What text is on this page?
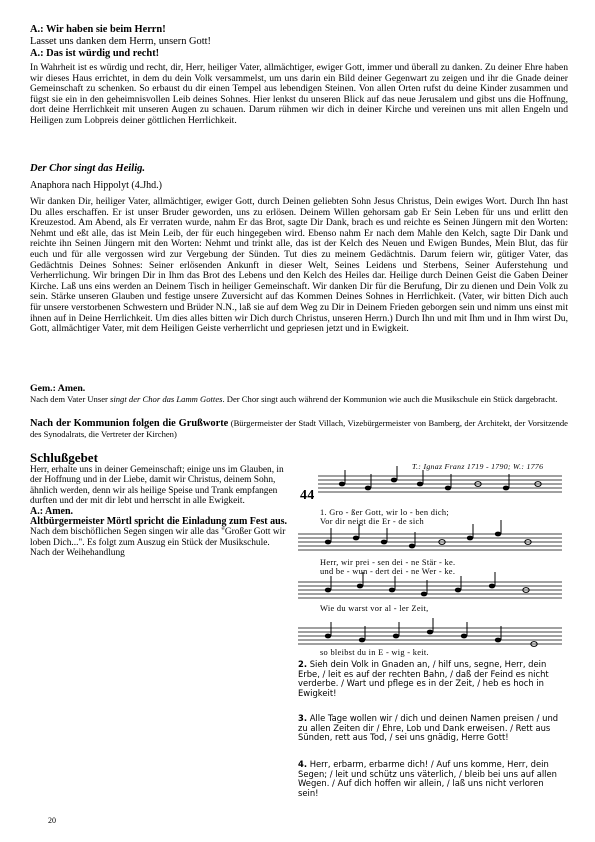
A.: Wir haben sie beim Herrn!
Lasset uns danken dem Herrn, unsern Gott!
A.: Das ist würdig und recht!
In Wahrheit ist es würdig und recht, dir, Herr, heiliger Vater, allmächtiger, ewiger Gott, immer und überall zu danken. Zu deiner Ehre haben wir dieses Haus errichtet, in dem du dein Volk versammelst, um uns darin ein Bild deiner Gegenwart zu zeigen und ihr die Gnade deiner Gemeinschaft zu schenken. So erbaust du dir einen Tempel aus lebendigen Steinen. Von allen Orten rufst du deine Kinder zusammen und fügst sie ein in den geheimnisvollen Leib deines Sohnes. Hier lenkst du unseren Blick auf das neue Jerusalem und gibst uns die Hoffnung, dort deine Herrlichkeit mit unseren Augen zu schauen. Darum rühmen wir dich in deiner Kirche und vereinen uns mit allen Engeln und Heiligen zum Lobpreis deiner göttlichen Herrlichkeit.
Der Chor singt das Heilig.
Anaphora nach Hippolyt (4.Jhd.)
Wir danken Dir, heiliger Vater, allmächtiger, ewiger Gott, durch Deinen geliebten Sohn Jesus Christus, Dein ewiges Wort. Durch Ihn hast Du alles erschaffen. Er ist unser Bruder geworden, uns zu erlösen. Deinem Willen gehorsam gab Er Sein Leben für uns und erlitt den Kreuzestod. Am Abend, als Er verraten wurde, nahm Er das Brot, sagte Dir Dank, brach es und reichte es Seinen Jüngern mit den Worten: Nehmt und eßt alle, das ist Mein Leib, der für euch hingegeben wird. Ebenso nahm Er nach dem Mahle den Kelch, sagte Dir Dank und reichte ihn Seinen Jüngern mit den Worten: Nehmt und trinkt alle, das ist der Kelch des Neuen und Ewigen Bundes, Mein Blut, das für euch und für alle vergossen wird zur Vergebung der Sünden. Tut dies zu meinem Gedächtnis. Darum feiern wir, gütiger Vater, das Gedächtnis Deines Sohnes: Seiner erlösenden Ankunft in dieser Welt, Seines Leidens und Sterbens, Seiner Auferstehung und Verherrlichung. Wir bringen Dir in Ihm das Brot des Lebens und den Kelch des Heiles dar. Heilige durch Deinen Geist die Gaben Deiner Kirche. Laß uns eins werden an Deinem Tisch in heiliger Gemeinschaft. Wir danken Dir für die Berufung, Dir zu dienen und Dein Volk zu sein. Stärke unseren Glauben und festige unsere Zuversicht auf das Kommen Deines Sohnes in Herrlichkeit. (Vater, wir bitten Dich auch für unsere verstorbenen Schwestern und Brüder N.N., laß sie auf dem Weg zu Dir in Deinem Frieden geborgen sein und nimm uns einst mit ihnen auf in Deine Herrlichkeit. Um dies alles bitten wir Dich durch Christus, unseren Herrn.) Durch Ihn und mit Ihm und in Ihm wirst Du, Gott, allmächtiger Vater, mit dem Heiligen Geiste verherrlicht und gepriesen jetzt und in Ewigkeit.
Gem.: Amen.
Nach dem Vater Unser singt der Chor das Lamm Gottes. Der Chor singt auch während der Kommunion wie auch die Musikschule ein Stück dargebracht.
Nach der Kommunion folgen die Grußworte (Bürgermeister der Stadt Villach, Vizebürgermeister von Bamberg, der Architekt, der Vorsitzende des Synodalrats, die Vertreter der Kirchen)
Schlußgebet
Herr, erhalte uns in deiner Gemeinschaft; einige uns im Glauben, in der Hoffnung und in der Liebe, damit wir Christus, deinem Sohn, ähnlich werden, denn wir als heilige Speise und Trank empfangen durften und der mit dir lebt und herrscht in alle Ewigkeit.
A.: Amen.
Altbürgermeister Mörtl spricht die Einladung zum Fest aus.
Nach dem bischöflichen Segen singen wir alle das "Großer Gott wir loben Dich...". Es folgt zum Auszug ein Stück der Musikschule. Nach der Weihehandlung
T.: Ignaz Franz 1719 - 1790; W.: 1776
44
1. Gro - ßer Gott, wir lo - ben dich;
Vor dir neigt die Er - de sich
Herr, wir prei - sen dei - ne Stär - ke.
und be - wun - dert dei - ne Wer - ke.
Wie du warst vor al - ler Zeit,
so bleibst du in E - wig - keit.
2. Sieh dein Volk in Gnaden an, / hilf uns, segne, Herr, dein Erbe, / leit es auf der rechten Bahn, / daß der Feind es nicht verderbe. / Wart und pflege es in der Zeit, / heb es hoch in Ewigkeit!
3. Alle Tage wollen wir / dich und deinen Namen preisen / und zu allen Zeiten dir / Ehre, Lob und Dank erweisen. / Rett aus Sünden, rett aus Tod, / sei uns gnädig, Herre Gott!
4. Herr, erbarm, erbarme dich! / Auf uns komme, Herr, dein Segen; / leit und schütz uns väterlich, / bleib bei uns auf allen Wegen. / Auf dich hoffen wir allein, / laß uns nicht verloren sein!
20
